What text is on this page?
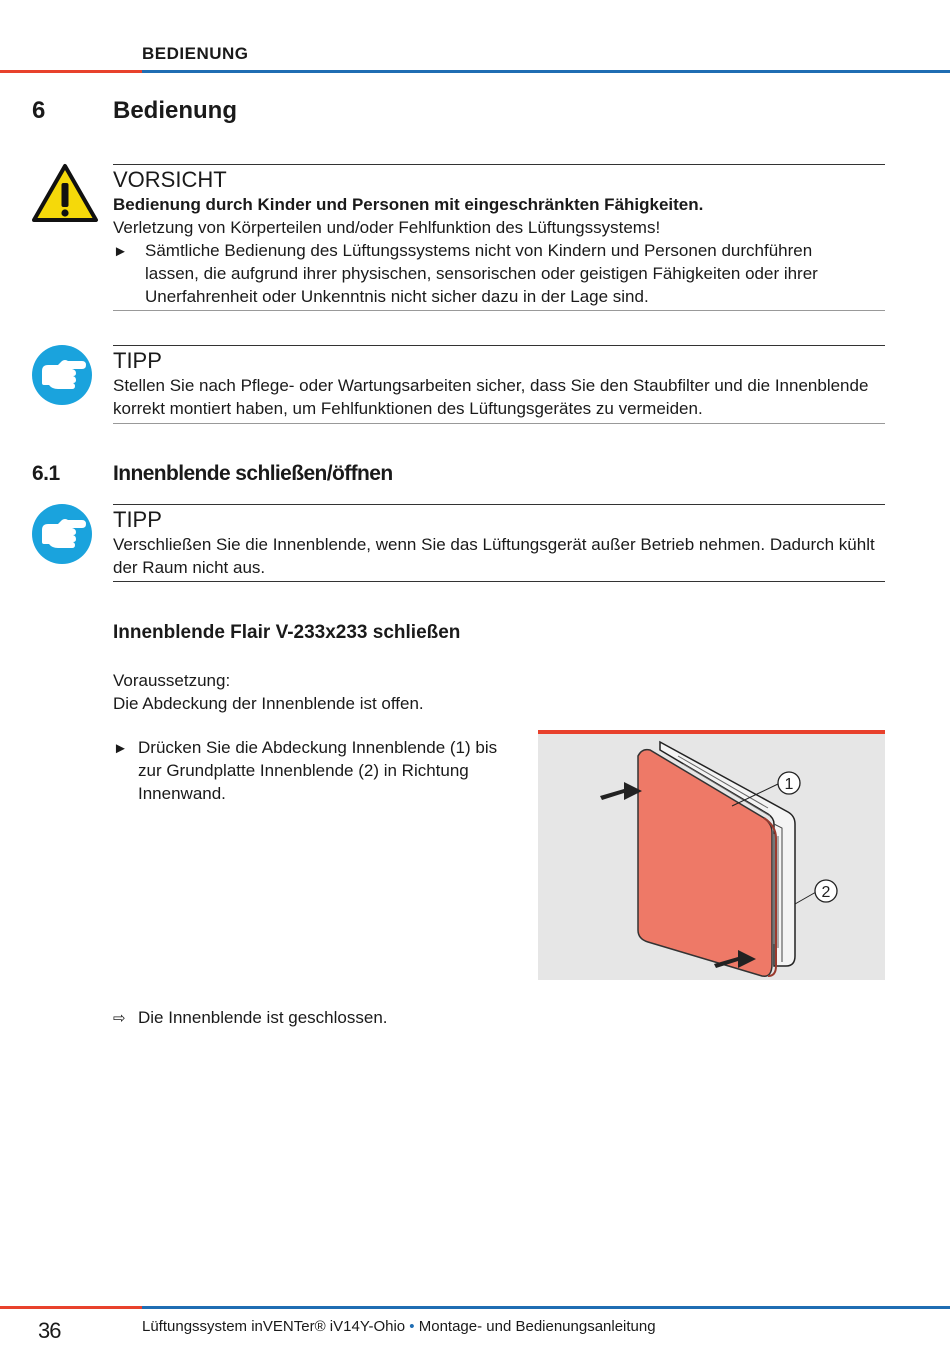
BEDIENUNG
6	Bedienung
VORSICHT
Bedienung durch Kinder und Personen mit eingeschränkten Fähigkeiten.
Verletzung von Körperteilen und/oder Fehlfunktion des Lüftungssystems!
►	Sämtliche Bedienung des Lüftungssystems nicht von Kindern und Personen durchführen lassen, die aufgrund ihrer physischen, sensorischen oder geistigen Fähigkeiten oder ihrer Unerfahrenheit oder Unkenntnis nicht sicher dazu in der Lage sind.
TIPP
Stellen Sie nach Pflege- oder Wartungsarbeiten sicher, dass Sie den Staubfilter und die Innenblende korrekt montiert haben, um Fehlfunktionen des Lüftungsgerätes zu vermeiden.
6.1	Innenblende schließen/öffnen
TIPP
Verschließen Sie die Innenblende, wenn Sie das Lüftungsgerät außer Betrieb nehmen. Dadurch kühlt der Raum nicht aus.
Innenblende Flair V-233x233 schließen
Voraussetzung:
Die Abdeckung der Innenblende ist offen.
► Drücken Sie die Abdeckung Innenblende (1) bis zur Grundplatte Innenblende (2) in Richtung Innenwand.	1
2
⇨ Die Innenblende ist geschlossen.
36	Lüftungssystem inVENTer® iV14Y-Ohio • Montage- und Bedienungsanleitung
